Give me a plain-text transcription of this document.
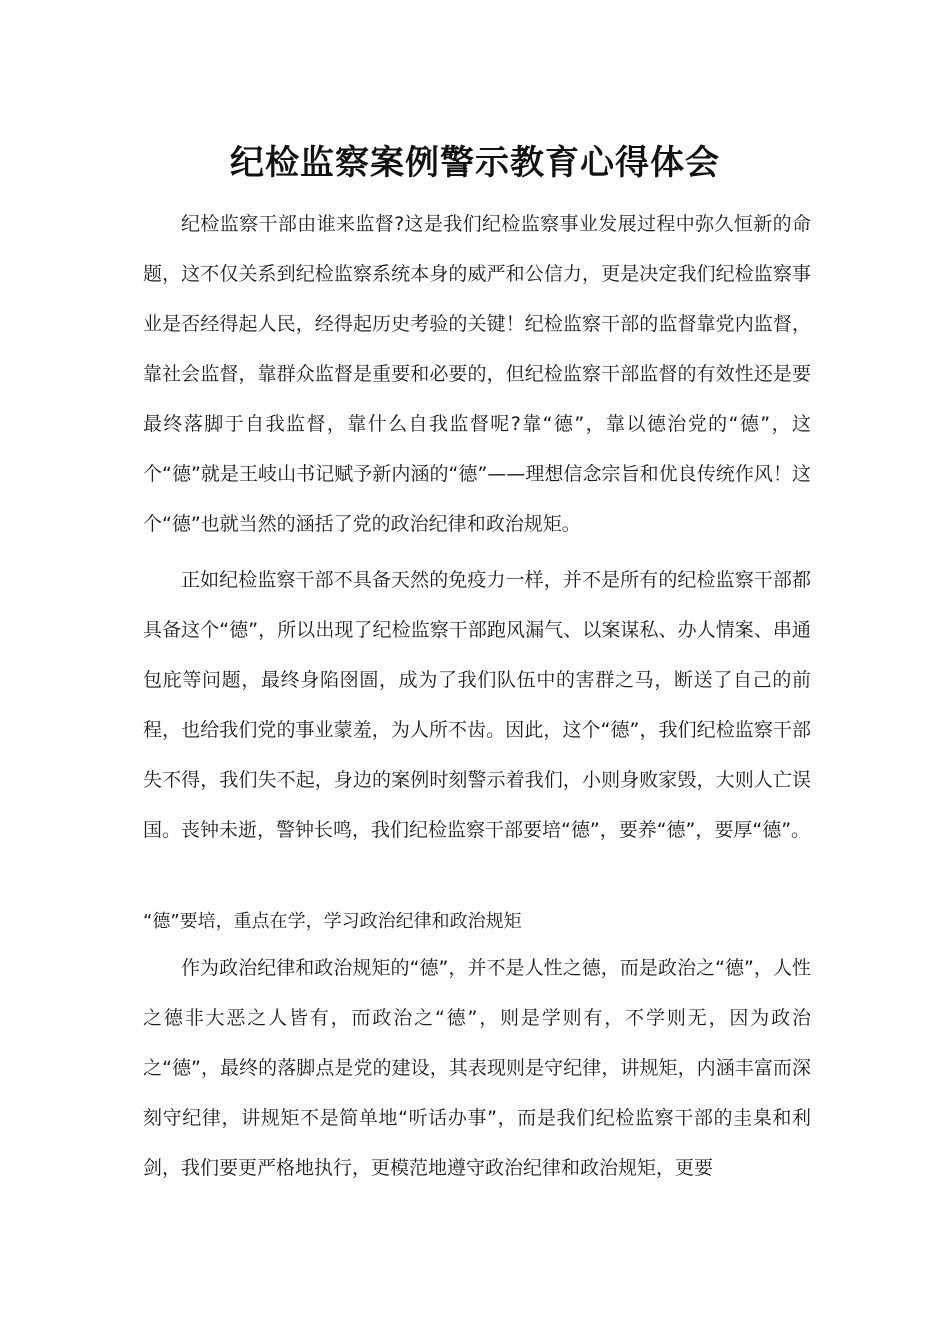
纪检监察案例警示教育心得体会

纪检监察干部由谁来监督?这是我们纪检监察事业发展过程中弥久恒新的命题，这不仅关系到纪检监察系统本身的威严和公信力，更是决定我们纪检监察事业是否经得起人民，经得起历史考验的关键！纪检监察干部的监督靠党内监督，靠社会监督，靠群众监督是重要和必要的，但纪检监察干部监督的有效性还是要最终落脚于自我监督，靠什么自我监督呢?靠“德”，靠以德治党的“德”，这个“德”就是王岐山书记赋予新内涵的“德”——理想信念宗旨和优良传统作风！这个“德”也就当然的涵括了党的政治纪律和政治规矩。

正如纪检监察干部不具备天然的免疫力一样，并不是所有的纪检监察干部都具备这个“德”，所以出现了纪检监察干部跑风漏气、以案谋私、办人情案、串通包庇等问题，最终身陷囹圄，成为了我们队伍中的害群之马，断送了自己的前程，也给我们党的事业蒙羞，为人所不齿。因此，这个“德”，我们纪检监察干部失不得，我们失不起，身边的案例时刻警示着我们，小则身败家毁，大则人亡误国。丧钟未逝，警钟长鸣，我们纪检监察干部要培“德”，要养“德”，要厚“德”。

“德”要培，重点在学，学习政治纪律和政治规矩

作为政治纪律和政治规矩的“德”，并不是人性之德，而是政治之“德”，人性之德非大恶之人皆有，而政治之“德”，则是学则有，不学则无，因为政治之“德”，最终的落脚点是党的建设，其表现则是守纪律，讲规矩，内涵丰富而深刻守纪律，讲规矩不是简单地“听话办事”，而是我们纪检监察干部的圭臬和利剑，我们要更严格地执行，更模范地遵守政治纪律和政治规矩，更要
